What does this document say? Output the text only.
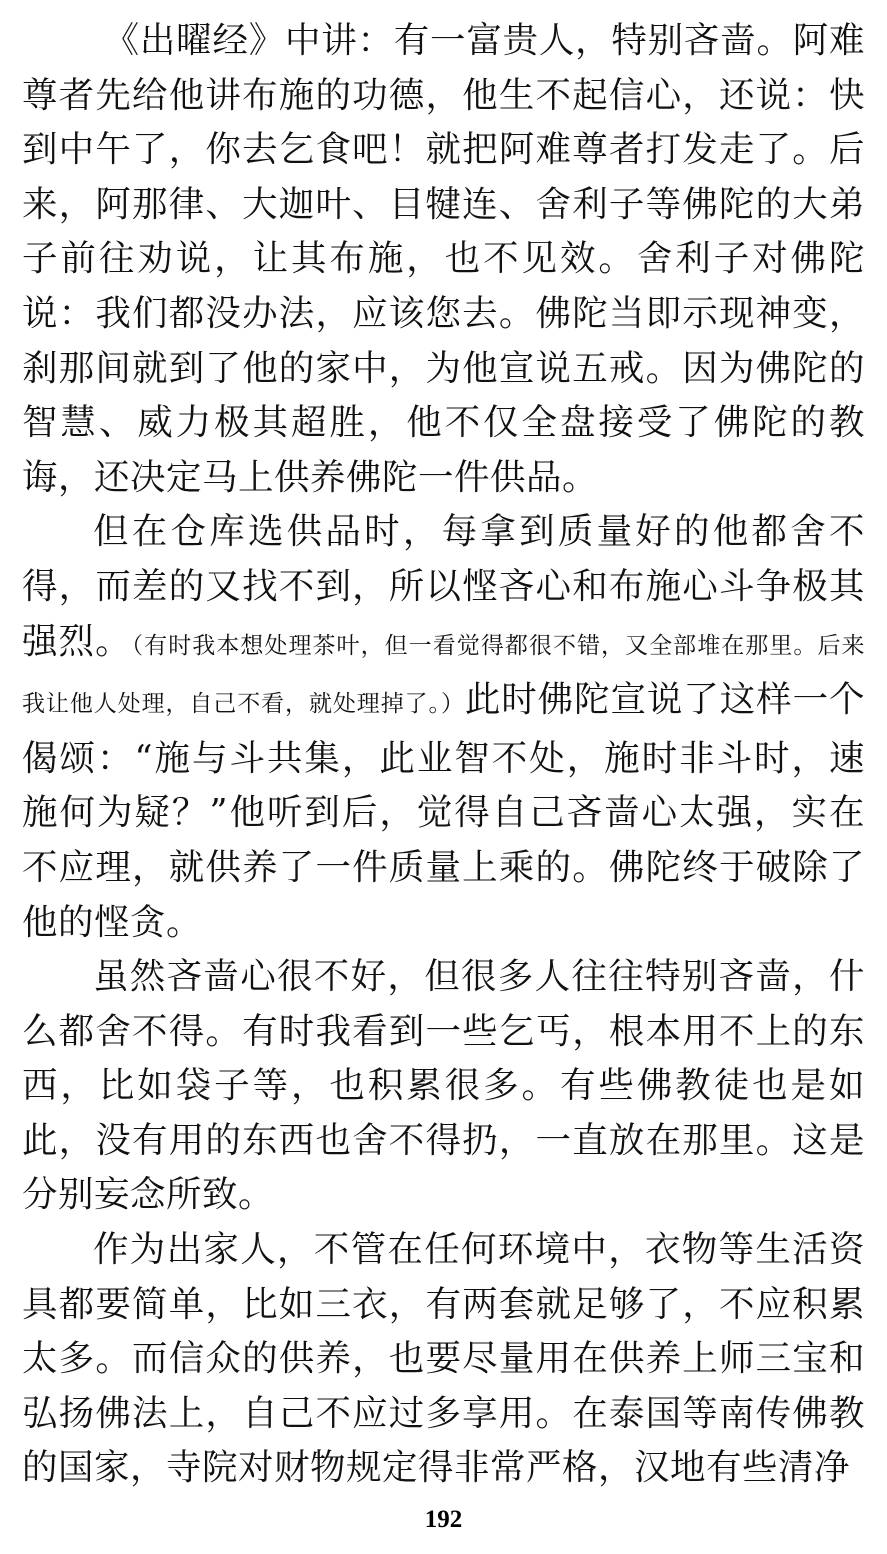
《出曜经》中讲：有一富贵人，特别吝啬。阿难尊者先给他讲布施的功德，他生不起信心，还说：快到中午了，你去乞食吧！就把阿难尊者打发走了。后来，阿那律、大迦叶、目犍连、舍利子等佛陀的大弟子前往劝说，让其布施，也不见效。舍利子对佛陀说：我们都没办法，应该您去。佛陀当即示现神变，刹那间就到了他的家中，为他宣说五戒。因为佛陀的智慧、威力极其超胜，他不仅全盘接受了佛陀的教诲，还决定马上供养佛陀一件供品。

但在仓库选供品时，每拿到质量好的他都舍不得，而差的又找不到，所以悭吝心和布施心斗争极其强烈。（有时我本想处理茶叶，但一看觉得都很不错，又全部堆在那里。后来我让他人处理，自己不看，就处理掉了。）此时佛陀宣说了这样一个偈颂：“施与斗共集，此业智不处，施时非斗时，速施何为疑？”他听到后，觉得自己吝啬心太强，实在不应理，就供养了一件质量上乘的。佛陀终于破除了他的悭贪。

虽然吝啬心很不好，但很多人往往特别吝啬，什么都舍不得。有时我看到一些乞丐，根本用不上的东西，比如袋子等，也积累很多。有些佛教徒也是如此，没有用的东西也舍不得扔，一直放在那里。这是分别妄念所致。

作为出家人，不管在任何环境中，衣物等生活资具都要简单，比如三衣，有两套就足够了，不应积累太多。而信众的供养，也要尽量用在供养上师三宝和弘扬佛法上，自己不应过多享用。在泰国等南传佛教的国家，寺院对财物规定得非常严格，汉地有些清净

192
